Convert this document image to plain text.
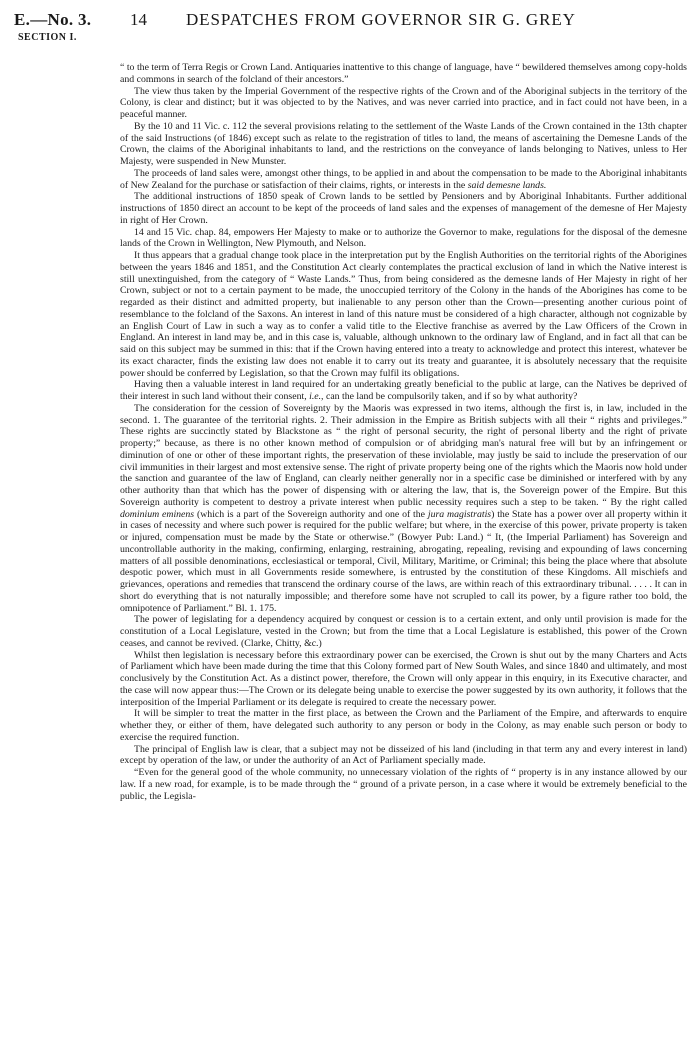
E.—No. 3.
SECTION I.
14 DESPATCHES FROM GOVERNOR SIR G. GREY

“ to the term of Terra Regis or Crown Land. Antiquaries inattentive to this change of language, have “ bewildered themselves among copy-holds and commons in search of the folcland of their ancestors.”

The view thus taken by the Imperial Government of the respective rights of the Crown and of the Aboriginal subjects in the territory of the Colony, is clear and distinct; but it was objected to by the Natives, and was never carried into practice, and in fact could not have been, in a peaceful manner.

By the 10 and 11 Vic. c. 112 the several provisions relating to the settlement of the Waste Lands of the Crown contained in the 13th chapter of the said Instructions (of 1846) except such as relate to the registration of titles to land, the means of ascertaining the Demesne Lands of the Crown, the claims of the Aboriginal inhabitants to land, and the restrictions on the conveyance of lands belonging to Natives, unless to Her Majesty, were suspended in New Munster.

The proceeds of land sales were, amongst other things, to be applied in and about the compensation to be made to the Aboriginal inhabitants of New Zealand for the purchase or satisfaction of their claims, rights, or interests in the said demesne lands.

The additional instructions of 1850 speak of Crown lands to be settled by Pensioners and by Aboriginal Inhabitants. Further additional instructions of 1850 direct an account to be kept of the proceeds of land sales and the expenses of management of the demesne of Her Majesty in right of Her Crown.

14 and 15 Vic. chap. 84, empowers Her Majesty to make or to authorize the Governor to make, regulations for the disposal of the demesne lands of the Crown in Wellington, New Plymouth, and Nelson.

It thus appears that a gradual change took place in the interpretation put by the English Authorities on the territorial rights of the Aborigines between the years 1846 and 1851, and the Constitution Act clearly contemplates the practical exclusion of land in which the Native interest is still unextinguished, from the category of “ Waste Lands.” Thus, from being considered as the demesne lands of Her Majesty in right of her Crown, subject or not to a certain payment to be made, the unoccupied territory of the Colony in the hands of the Aborigines has come to be regarded as their distinct and admitted property, but inalienable to any person other than the Crown—presenting another curious point of resemblance to the folcland of the Saxons. An interest in land of this nature must be considered of a high character, although not cognizable by an English Court of Law in such a way as to confer a valid title to the Elective franchise as averred by the Law Officers of the Crown in England. An interest in land may be, and in this case is, valuable, although unknown to the ordinary law of England, and in fact all that can be said on this subject may be summed in this: that if the Crown having entered into a treaty to acknowledge and protect this interest, whatever be its exact character, finds the existing law does not enable it to carry out its treaty and guarantee, it is absolutely necessary that the requisite power should be conferred by Legislation, so that the Crown may fulfil its obligations.

Having then a valuable interest in land required for an undertaking greatly beneficial to the public at large, can the Natives be deprived of their interest in such land without their consent, i.e., can the land be compulsorily taken, and if so by what authority?

The consideration for the cession of Sovereignty by the Maoris was expressed in two items, although the first is, in law, included in the second. 1. The guarantee of the territorial rights. 2. Their admission in the Empire as British subjects with all their “ rights and privileges.” These rights are succinctly stated by Blackstone as “ the right of personal security, the right of personal liberty and the right of private property;” because, as there is no other known method of compulsion or of abridging man's natural free will but by an infringement or diminution of one or other of these important rights, the preservation of these inviolable, may justly be said to include the preservation of our civil immunities in their largest and most extensive sense. The right of private property being one of the rights which the Maoris now hold under the sanction and guarantee of the law of England, can clearly neither generally nor in a specific case be diminished or interfered with by any other authority than that which has the power of dispensing with or altering the law, that is, the Sovereign power of the Empire. But this Sovereign authority is competent to destroy a private interest when public necessity requires such a step to be taken. “ By the right called dominium eminens (which is a part of the Sovereign authority and one of the jura magistratis) the State has a power over all property within it in cases of necessity and where such power is required for the public welfare; but where, in the exercise of this power, private property is taken or injured, compensation must be made by the State or otherwise.” (Bowyer Pub: Land.) “ It, (the Imperial Parliament) has Sovereign and uncontrollable authority in the making, confirming, enlarging, restraining, abrogating, repealing, revising and expounding of laws concerning matters of all possible denominations, ecclesiastical or temporal, Civil, Military, Maritime, or Criminal; this being the place where that absolute despotic power, which must in all Governments reside somewhere, is entrusted by the constitution of these Kingdoms. All mischiefs and grievances, operations and remedies that transcend the ordinary course of the laws, are within reach of this extraordinary tribunal. . . . . It can in short do everything that is not naturally impossible; and therefore some have not scrupled to call its power, by a figure rather too bold, the omnipotence of Parliament.” Bl. 1. 175.

The power of legislating for a dependency acquired by conquest or cession is to a certain extent, and only until provision is made for the constitution of a Local Legislature, vested in the Crown; but from the time that a Local Legislature is established, this power of the Crown ceases, and cannot be revived. (Clarke, Chitty, &c.)

Whilst then legislation is necessary before this extraordinary power can be exercised, the Crown is shut out by the many Charters and Acts of Parliament which have been made during the time that this Colony formed part of New South Wales, and since 1840 and ultimately, and most conclusively by the Constitution Act. As a distinct power, therefore, the Crown will only appear in this enquiry, in its Executive character, and the case will now appear thus:—The Crown or its delegate being unable to exercise the power suggested by its own authority, it follows that the interposition of the Imperial Parliament or its delegate is required to create the necessary power.

It will be simpler to treat the matter in the first place, as between the Crown and the Parliament of the Empire, and afterwards to enquire whether they, or either of them, have delegated such authority to any person or body in the Colony, as may enable such person or body to exercise the required function.

The principal of English law is clear, that a subject may not be disseized of his land (including in that term any and every interest in land) except by operation of the law, or under the authority of an Act of Parliament specially made.

“Even for the general good of the whole community, no unnecessary violation of the rights of “ property is in any instance allowed by our law. If a new road, for example, is to be made through the “ ground of a private person, in a case where it would be extremely beneficial to the public, the Legisla-
